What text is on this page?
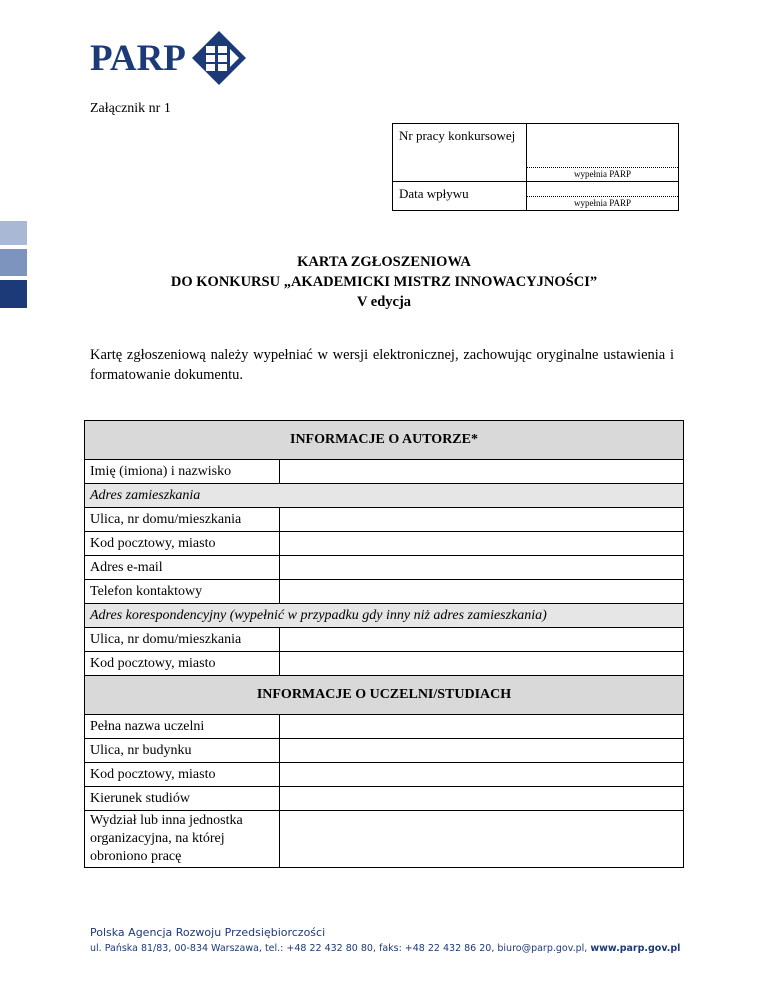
PARP
Załącznik nr 1
Nr pracy konkursowej	wypełnia PARP

Data wpływu	wypełnia PARP
KARTA ZGŁOSZENIOWA
DO KONKURSU „AKADEMICKI MISTRZ INNOWACYJNOŚCI”
V edycja
Kartę zgłoszeniową należy wypełniać w wersji elektronicznej, zachowując oryginalne ustawienia i formatowanie dokumentu.
INFORMACJE O AUTORZE*	
Imię (imiona) i nazwisko	
Adres zamieszkania	
Ulica, nr domu/mieszkania	
Kod pocztowy, miasto	
Adres e-mail	
Telefon kontaktowy	
Adres korespondencyjny (wypełnić w przypadku gdy inny niż adres zamieszkania)	
Ulica, nr domu/mieszkania	
Kod pocztowy, miasto	
INFORMACJE O UCZELNI/STUDIACH	
Pełna nazwa uczelni	
Ulica, nr budynku	
Kod pocztowy, miasto	
Kierunek studiów	
Wydział lub inna jednostka organizacyjna, na której obroniono pracę	
Polska Agencja Rozwoju Przedsiębiorczości
ul. Pańska 81/83, 00-834 Warszawa, tel.: +48 22 432 80 80, faks: +48 22 432 86 20, biuro@parp.gov.pl, www.parp.gov.pl
